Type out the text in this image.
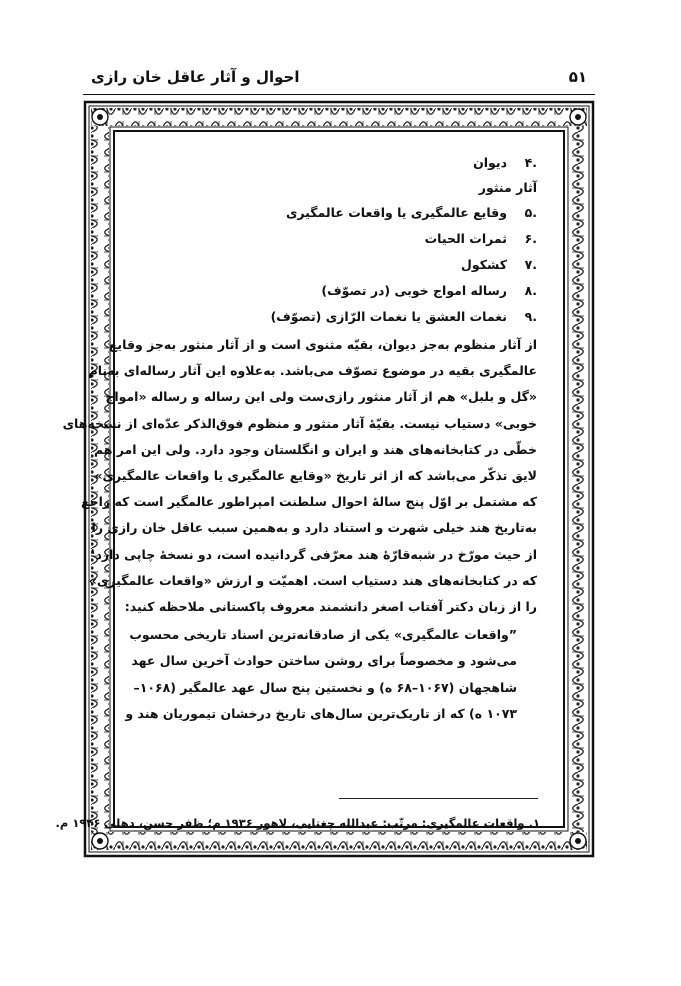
۵۱
احوال و آثار عاقل خان رازی
.۴دیوان
آثار منثور
.۵وقایع عالمگیری یا واقعات عالمگیری
.۶ثمرات الحیات
.۷کشکول
.۸رساله امواج خوبی (در تصوّف)
.۹نغمات العشق یا نغمات الرّازی (تصوّف)
از آثار منظوم به‌جز دیوان، بقیّه مثنوی است و از آثار منثور به‌جز وقایع
عالمگیری بقیه در موضوع تصوّف می‌باشد. به‌علاوه این آثار رساله‌ای به‌نام
«گل و بلبل» هم از آثار منثور رازی‌ست ولی این رساله و رساله «امواج
خوبی» دستیاب نیست. بقیّهٔ آثار منثور و منظوم فوق‌الذکر عدّه‌ای از نسخه‌های
خطّی در کتابخانه‌های هند و ایران و انگلستان وجود دارد. ولی این امر هم
لایق تذکّر می‌باشد که از اثر تاریخ «وقایع عالمگیری یا واقعات عالمگیری»
که مشتمل بر اوّل پنج سالهٔ احوال سلطنت امپراطور عالمگیر است که راجع
به‌تاریخ هند خیلی شهرت و استناد دارد و به‌همین سبب عاقل خان رازی را
از حیث مورّخ در شبه‌قارّهٔ هند معرّفی گردانیده است، دو نسخهٔ چاپی دارد$^۱$
که در کتابخانه‌های هند دستیاب است. اهمیّت و ارزش «واقعات عالمگیری»
را از زبان دکتر آفتاب اصغر دانشمند معروف پاکستانی ملاحظه کنید:
”واقعات عالمگیری» یکی از صادقانه‌ترین اسناد تاریخی محسوب
می‌شود و مخصوصاً برای روشن ساختن حوادث آخرین سال عهد
شاهجهان (۱۰۶۷–۶۸ ه) و نخستین پنج سال عهد عالمگیر (۱۰۶۸–
۱۰۷۳ ه) که از تاریک‌ترین سال‌های تاریخ درخشان تیموریان هند و
۱. واقعات عالمگیری: مرتّب: عبدالله چغتایی، لاهور ۱۹۳۶ م؛ ظفر حسن، دهلی ۱۹۴۶ م.
